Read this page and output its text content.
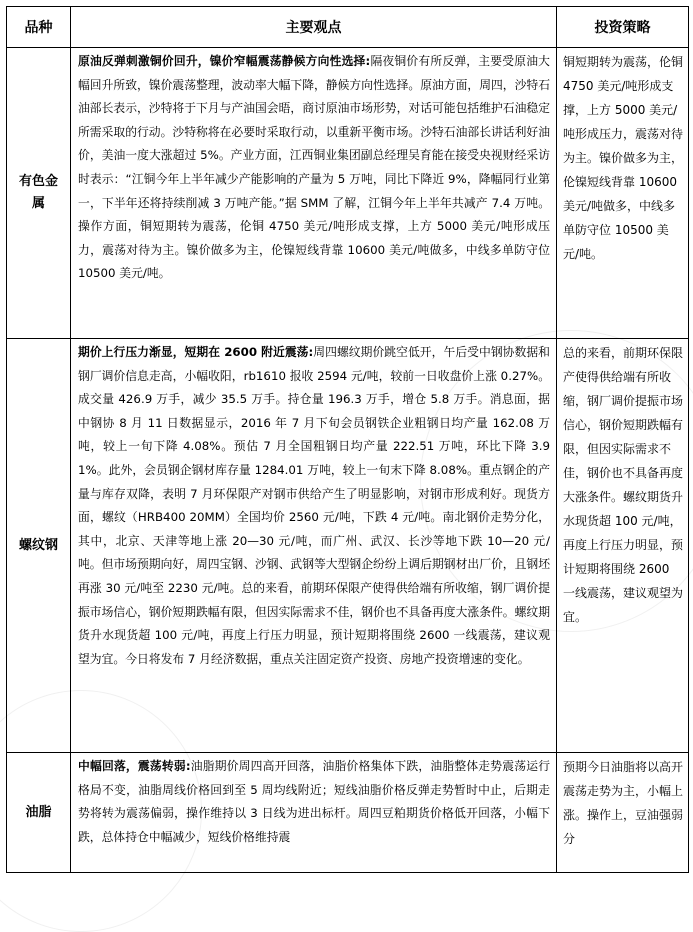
品种	主要观点	投资策略
有色金属	原油反弹刺激铜价回升，镍价窄幅震荡静候方向性选择:隔夜铜价有所反弹，主要受原油大幅回升所致，镍价震荡整理，波动率大幅下降，静候方向性选择。原油方面，周四，沙特石油部长表示，沙特将于下月与产油国会晤，商讨原油市场形势，对话可能包括维护石油稳定所需采取的行动。沙特称将在必要时采取行动，以重新平衡市场。沙特石油部长讲话利好油价，美油一度大涨超过 5%。产业方面，江西铜业集团副总经理吴育能在接受央视财经采访时表示：“江铜今年上半年减少产能影响的产量为 5 万吨，同比下降近 9%，降幅同行业第一，下半年还将持续削减 3 万吨产能。”据 SMM 了解，江铜今年上半年共减产 7.4 万吨。操作方面，铜短期转为震荡，伦铜 4750 美元/吨形成支撑，上方 5000 美元/吨形成压力，震荡对待为主。镍价做多为主，伦镍短线背靠 10600 美元/吨做多，中线多单防守位 10500 美元/吨。	铜短期转为震荡，伦铜 4750 美元/吨形成支撑，上方 5000 美元/吨形成压力，震荡对待为主。镍价做多为主，伦镍短线背靠 10600 美元/吨做多，中线多单防守位 10500 美元/吨。
螺纹钢	期价上行压力渐显，短期在 2600 附近震荡:周四螺纹期价跳空低开，午后受中钢协数据和钢厂调价信息走高，小幅收阳，rb1610 报收 2594 元/吨，较前一日收盘价上涨 0.27%。成交量 426.9 万手，减少 35.5 万手。持仓量 196.3 万手，增仓 5.8 万手。消息面，据中钢协 8 月 11 日数据显示，2016 年 7 月下旬会员钢铁企业粗钢日均产量 162.08 万吨，较上一旬下降 4.08%。预估 7 月全国粗钢日均产量 222.51 万吨，环比下降 3.91%。此外，会员钢企钢材库存量 1284.01 万吨，较上一旬末下降 8.08%。重点钢企的产量与库存双降，表明 7 月环保限产对钢市供给产生了明显影响，对钢市形成利好。现货方面，螺纹（HRB400 20MM）全国均价 2560 元/吨，下跌 4 元/吨。南北钢价走势分化，其中，北京、天津等地上涨 20—30 元/吨，而广州、武汉、长沙等地下跌 10—20 元/吨。但市场预期向好，周四宝钢、沙钢、武钢等大型钢企纷纷上调后期钢材出厂价，且钢坯再涨 30 元/吨至 2230 元/吨。总的来看，前期环保限产使得供给端有所收缩，钢厂调价提振市场信心，钢价短期跌幅有限，但因实际需求不佳，钢价也不具备再度大涨条件。螺纹期货升水现货超 100 元/吨，再度上行压力明显，预计短期将围绕 2600 一线震荡，建议观望为宜。今日将发布 7 月经济数据，重点关注固定资产投资、房地产投资增速的变化。	总的来看，前期环保限产使得供给端有所收缩，钢厂调价提振市场信心，钢价短期跌幅有限，但因实际需求不佳，钢价也不具备再度大涨条件。螺纹期货升水现货超 100 元/吨，再度上行压力明显，预计短期将围绕 2600 一线震荡，建议观望为宜。
油脂	中幅回落，震荡转弱:油脂期价周四高开回落，油脂价格集体下跌，油脂整体走势震荡运行格局不变，油脂周线价格回到至 5 周均线附近；短线油脂价格反弹走势暂时中止，后期走势将转为震荡偏弱，操作维持以 3 日线为进出标杆。周四豆粕期货价格低开回落，小幅下跌，总体持仓中幅减少，短线价格维持震	预期今日油脂将以高开震荡走势为主，小幅上涨。操作上，豆油强弱分
